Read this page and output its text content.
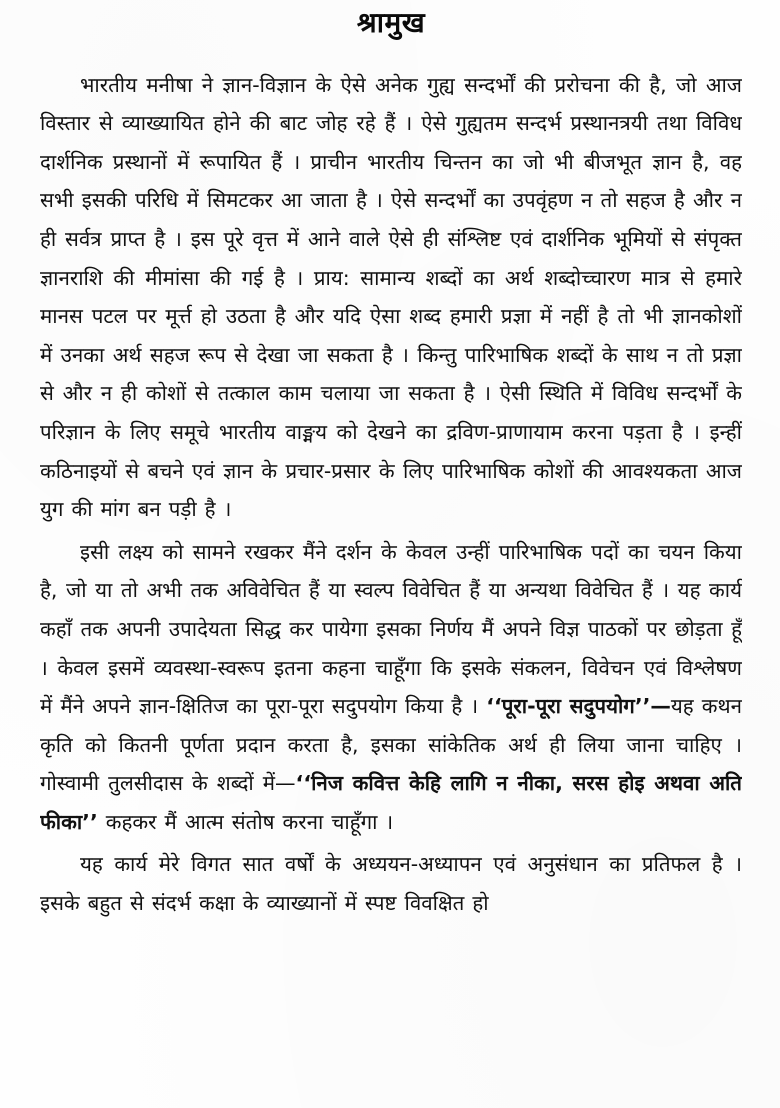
श्रामुख

भारतीय मनीषा ने ज्ञान-विज्ञान के ऐसे अनेक गुह्य सन्दर्भों की प्ररोचना की है, जो आज विस्तार से व्याख्यायित होने की बाट जोह रहे हैं । ऐसे गुह्यतम सन्दर्भ प्रस्थानत्रयी तथा विविध दार्शनिक प्रस्थानों में रूपायित हैं । प्राचीन भारतीय चिन्तन का जो भी बीजभूत ज्ञान है, वह सभी इसकी परिधि में सिमटकर आ जाता है । ऐसे सन्दर्भों का उपवृंहण न तो सहज है और न ही सर्वत्र प्राप्त है । इस पूरे वृत्त में आने वाले ऐसे ही संश्लिष्ट एवं दार्शनिक भूमियों से संपृक्त ज्ञानराशि की मीमांसा की गई है । प्राय: सामान्य शब्दों का अर्थ शब्दोच्चारण मात्र से हमारे मानस पटल पर मूर्त्त हो उठता है और यदि ऐसा शब्द हमारी प्रज्ञा में नहीं है तो भी ज्ञानकोशों में उनका अर्थ सहज रूप से देखा जा सकता है । किन्तु पारिभाषिक शब्दों के साथ न तो प्रज्ञा से और न ही कोशों से तत्काल काम चलाया जा सकता है । ऐसी स्थिति में विविध सन्दर्भों के परिज्ञान के लिए समूचे भारतीय वाङ्मय को देखने का द्रविण-प्राणायाम करना पड़ता है । इन्हीं कठिनाइयों से बचने एवं ज्ञान के प्रचार-प्रसार के लिए पारिभाषिक कोशों की आवश्यकता आज युग की मांग बन पड़ी है ।

इसी लक्ष्य को सामने रखकर मैंने दर्शन के केवल उन्हीं पारिभाषिक पदों का चयन किया है, जो या तो अभी तक अविवेचित हैं या स्वल्प विवेचित हैं या अन्यथा विवेचित हैं । यह कार्य कहाँ तक अपनी उपादेयता सिद्ध कर पायेगा इसका निर्णय मैं अपने विज्ञ पाठकों पर छोड़ता हूँ । केवल इसमें व्यवस्था-स्वरूप इतना कहना चाहूँगा कि इसके संकलन, विवेचन एवं विश्लेषण में मैंने अपने ज्ञान-क्षितिज का पूरा-पूरा सदुपयोग किया है । ‘‘पूरा-पूरा सदुपयोग’’—यह कथन कृति को कितनी पूर्णता प्रदान करता है, इसका सांकेतिक अर्थ ही लिया जाना चाहिए । गोस्वामी तुलसीदास के शब्दों में—‘‘निज कवित्त केहि लागि न नीका, सरस होइ अथवा अति फीका’’ कहकर मैं आत्म संतोष करना चाहूँगा ।

यह कार्य मेरे विगत सात वर्षों के अध्ययन-अध्यापन एवं अनुसंधान का प्रतिफल है । इसके बहुत से संदर्भ कक्षा के व्याख्यानों में स्पष्ट विवक्षित हो
